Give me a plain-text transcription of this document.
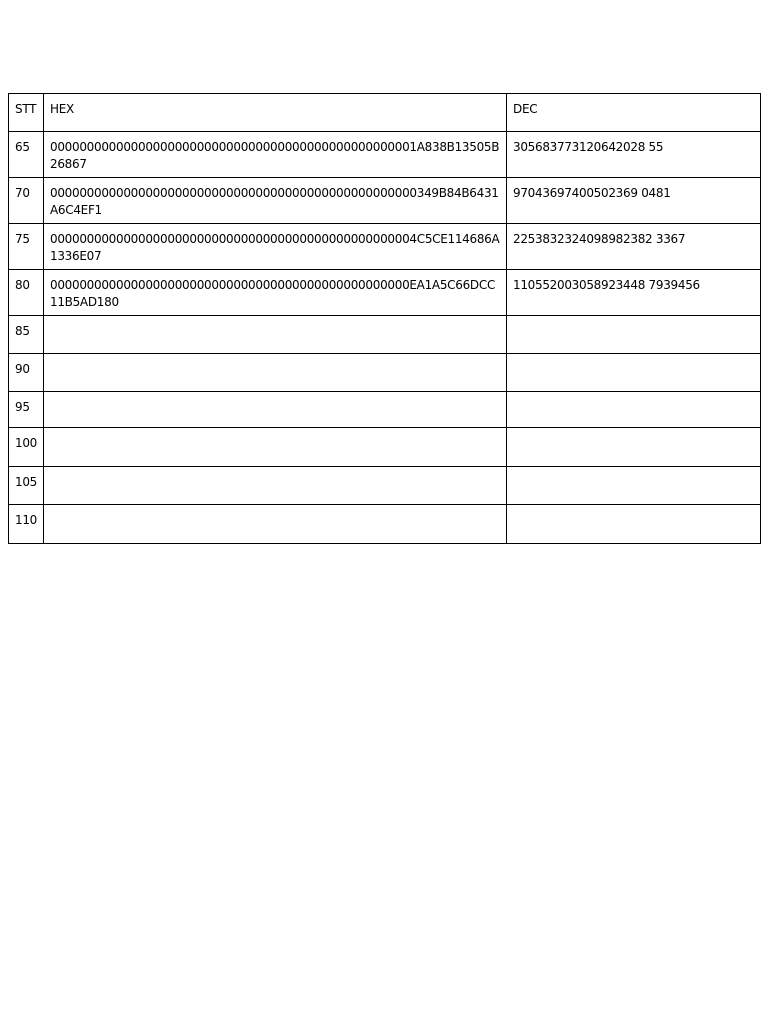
STT	HEX	DEC
65	00000000000000000000000000000000000000000000000001A838B13505B26867	305683773120642028 55
70	00000000000000000000000000000000000000000000000000349B84B6431A6C4EF1	97043697400502369 0481
75	00000000000000000000000000000000000000000000000004C5CE114686A1336E07	2253832324098982382 3367
80	0000000000000000000000000000000000000000000000000EA1A5C66DCC11B5AD180	110552003058923448 7939456
85		
90		
95		
100		
105		
110		
